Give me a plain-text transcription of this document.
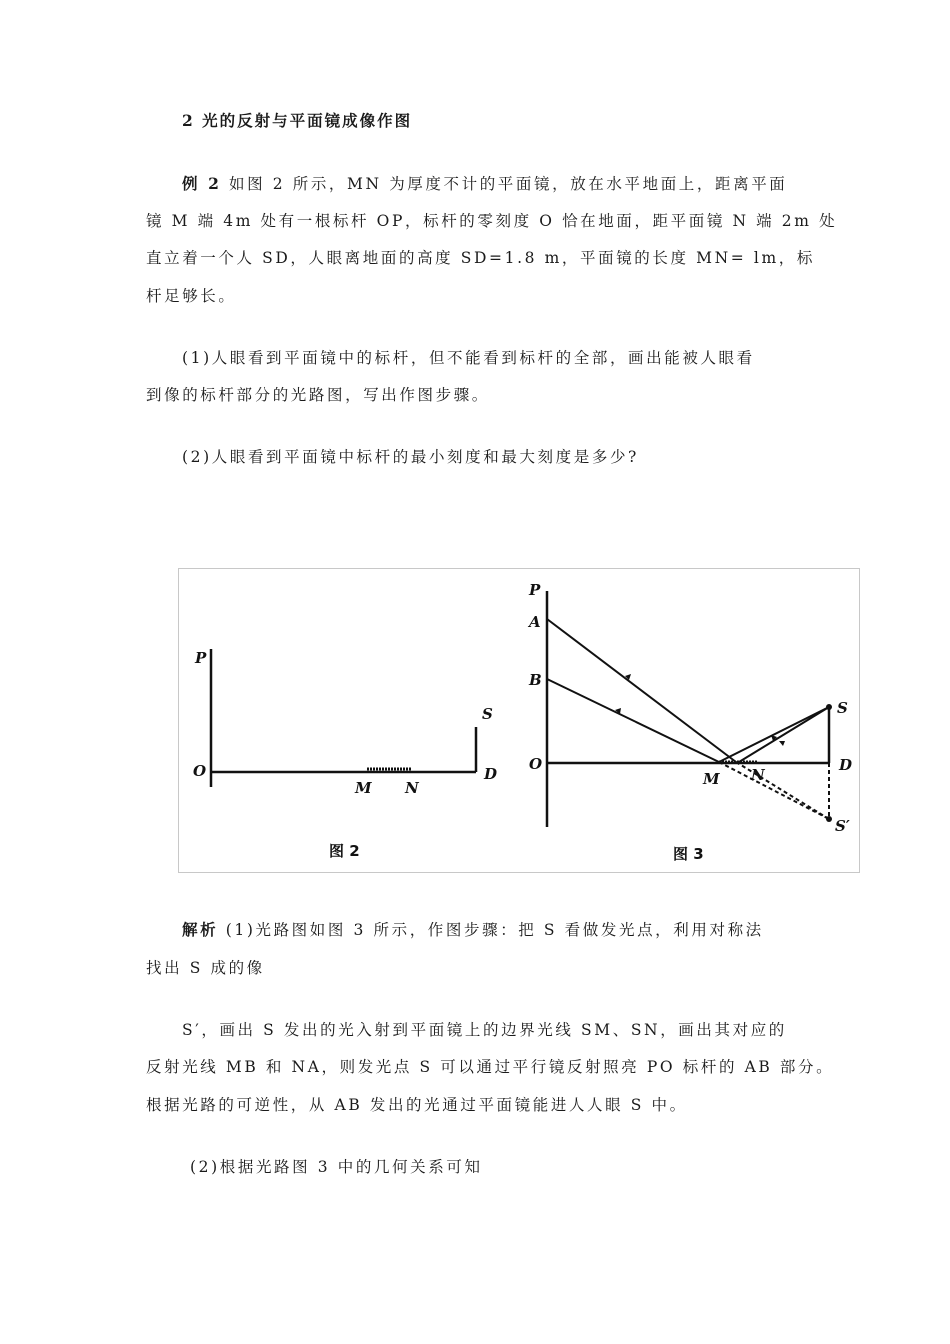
2 光的反射与平面镜成像作图
例 2 如图 2 所示，MN 为厚度不计的平面镜，放在水平地面上，距离平面
镜 M 端 4m 处有一根标杆 OP，标杆的零刻度 O 恰在地面，距平面镜 N 端 2m 处
直立着一个人 SD，人眼离地面的高度 SD=1.8 m，平面镜的长度 MN= lm，标
杆足够长。
(1)人眼看到平面镜中的标杆，但不能看到标杆的全部，画出能被人眼看
到像的标杆部分的光路图，写出作图步骤。
(2)人眼看到平面镜中标杆的最小刻度和最大刻度是多少?
P
O
M N
S
D
图 2
P
A
B
O
M N
S
D
S′
图 3
解析 (1)光路图如图 3 所示，作图步骤：把 S 看做发光点，利用对称法
找出 S 成的像
S′，画出 S 发出的光入射到平面镜上的边界光线 SM、SN，画出其对应的
反射光线 MB 和 NA，则发光点 S 可以通过平行镜反射照亮 PO 标杆的 AB 部分。
根据光路的可逆性，从 AB 发出的光通过平面镜能进人人眼 S 中。
(2)根据光路图 3 中的几何关系可知
